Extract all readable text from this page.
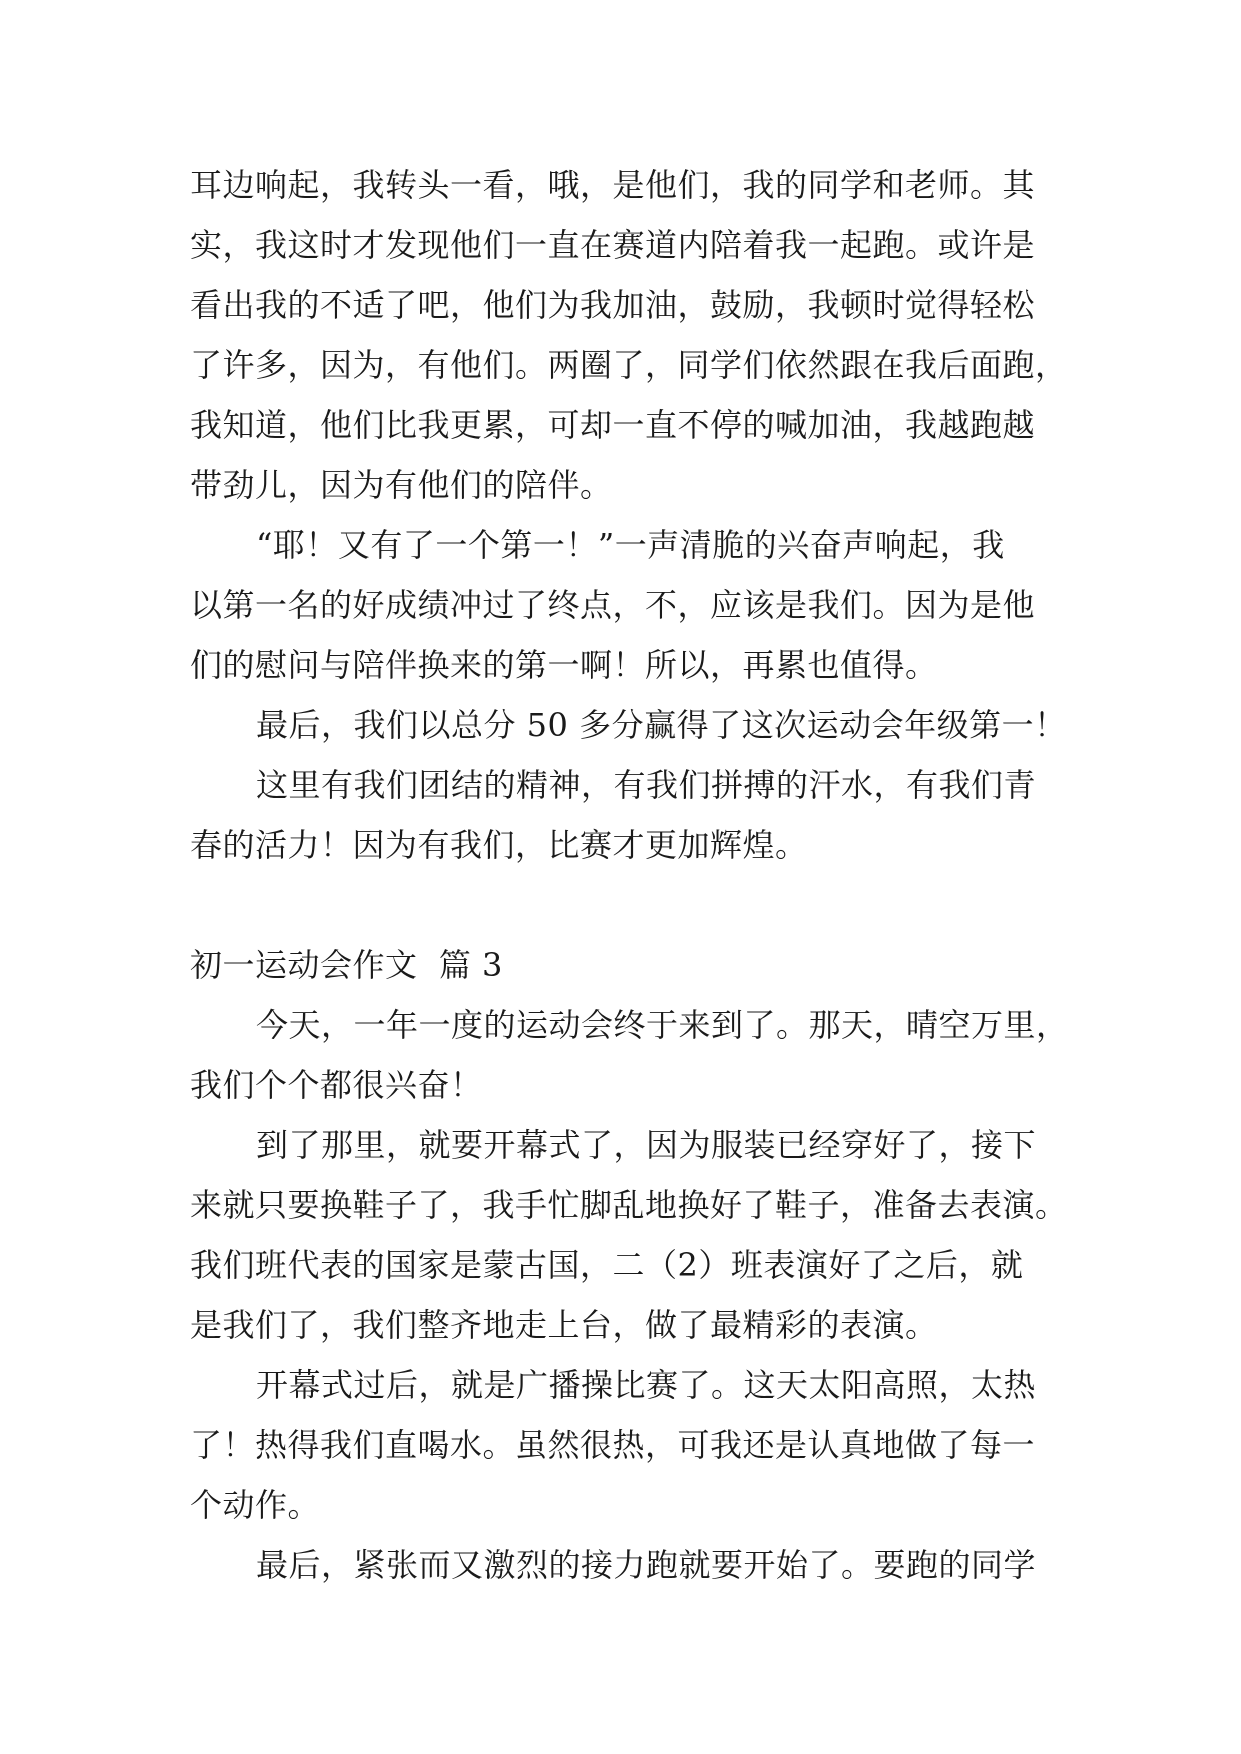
耳边响起，我转头一看，哦，是他们，我的同学和老师。其
实，我这时才发现他们一直在赛道内陪着我一起跑。或许是
看出我的不适了吧，他们为我加油，鼓励，我顿时觉得轻松
了许多，因为，有他们。两圈了，同学们依然跟在我后面跑，
我知道，他们比我更累，可却一直不停的喊加油，我越跑越
带劲儿，因为有他们的陪伴。
“耶！又有了一个第一！”一声清脆的兴奋声响起，我
以第一名的好成绩冲过了终点，不，应该是我们。因为是他
们的慰问与陪伴换来的第一啊！所以，再累也值得。
最后，我们以总分 50 多分赢得了这次运动会年级第一！
这里有我们团结的精神，有我们拼搏的汗水，有我们青
春的活力！因为有我们，比赛才更加辉煌。
初一运动会作文  篇 3
今天，一年一度的运动会终于来到了。那天，晴空万里，
我们个个都很兴奋！
到了那里，就要开幕式了，因为服装已经穿好了，接下
来就只要换鞋子了，我手忙脚乱地换好了鞋子，准备去表演。
我们班代表的国家是蒙古国，二（2）班表演好了之后，就
是我们了，我们整齐地走上台，做了最精彩的表演。
开幕式过后，就是广播操比赛了。这天太阳高照，太热
了！热得我们直喝水。虽然很热，可我还是认真地做了每一
个动作。
最后，紧张而又激烈的接力跑就要开始了。要跑的同学
